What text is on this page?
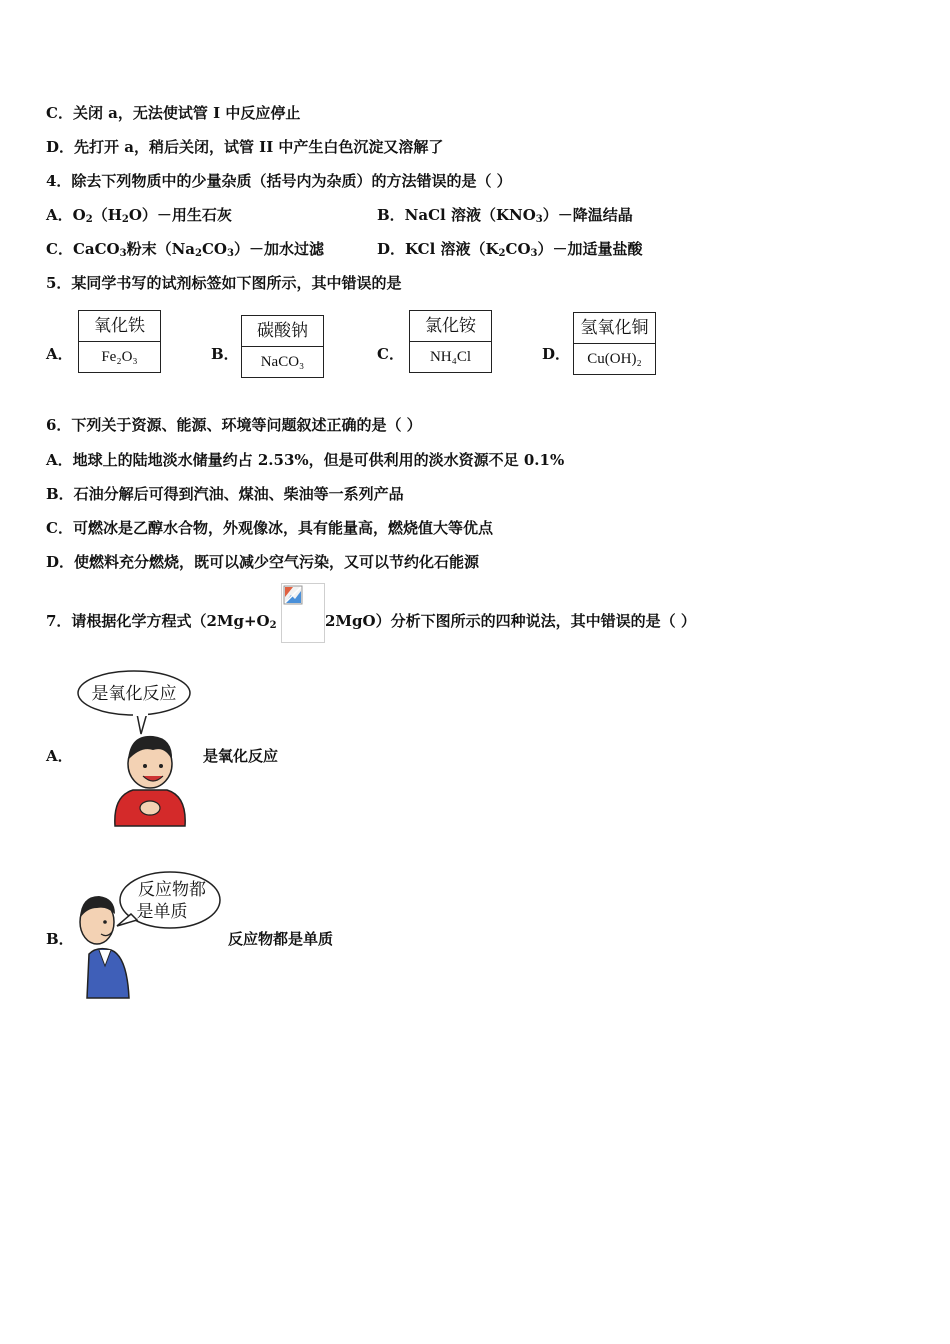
C．关闭 a，无法使试管 I 中反应停止
D．先打开 a，稍后关闭，试管 II 中产生白色沉淀又溶解了
4．除去下列物质中的少量杂质（括号内为杂质）的方法错误的是（ ）
A．$O_2(H_2O)-$用生石灰	B．NaCl 溶液$(KNO_3)-$降温结晶
C．CaCO$_3$粉末$(Na_2CO_3)-$加水过滤	D．KCl 溶液$(K_2CO_3)-$加适量盐酸
5．某同学书写的试剂标签如下图所示，其中错误的是
A．
氧化铁
Fe₂O₃	B．
碳酸钠
NaCO₃	C．
氯化铵
NH₄Cl	D．
氢氧化铜
Cu(OH)₂
6．下列关于资源、能源、环境等问题叙述正确的是（ ）
A．地球上的陆地淡水储量约占 2.53%，但是可供利用的淡水资源不足 0.1%
B．石油分解后可得到汽油、煤油、柴油等一系列产品
C．可燃冰是乙醇水合物，外观像冰，具有能量高，燃烧值大等优点
D．使燃料充分燃烧，既可以减少空气污染，又可以节约化石能源
7．请根据化学方程式（$2Mg+O_2$	2MgO）分析下图所示的四种说法，其中错误的是（ ）
A．
是氧化反应
是氧化反应
B．
反应物都
是单质
反应物都是单质
